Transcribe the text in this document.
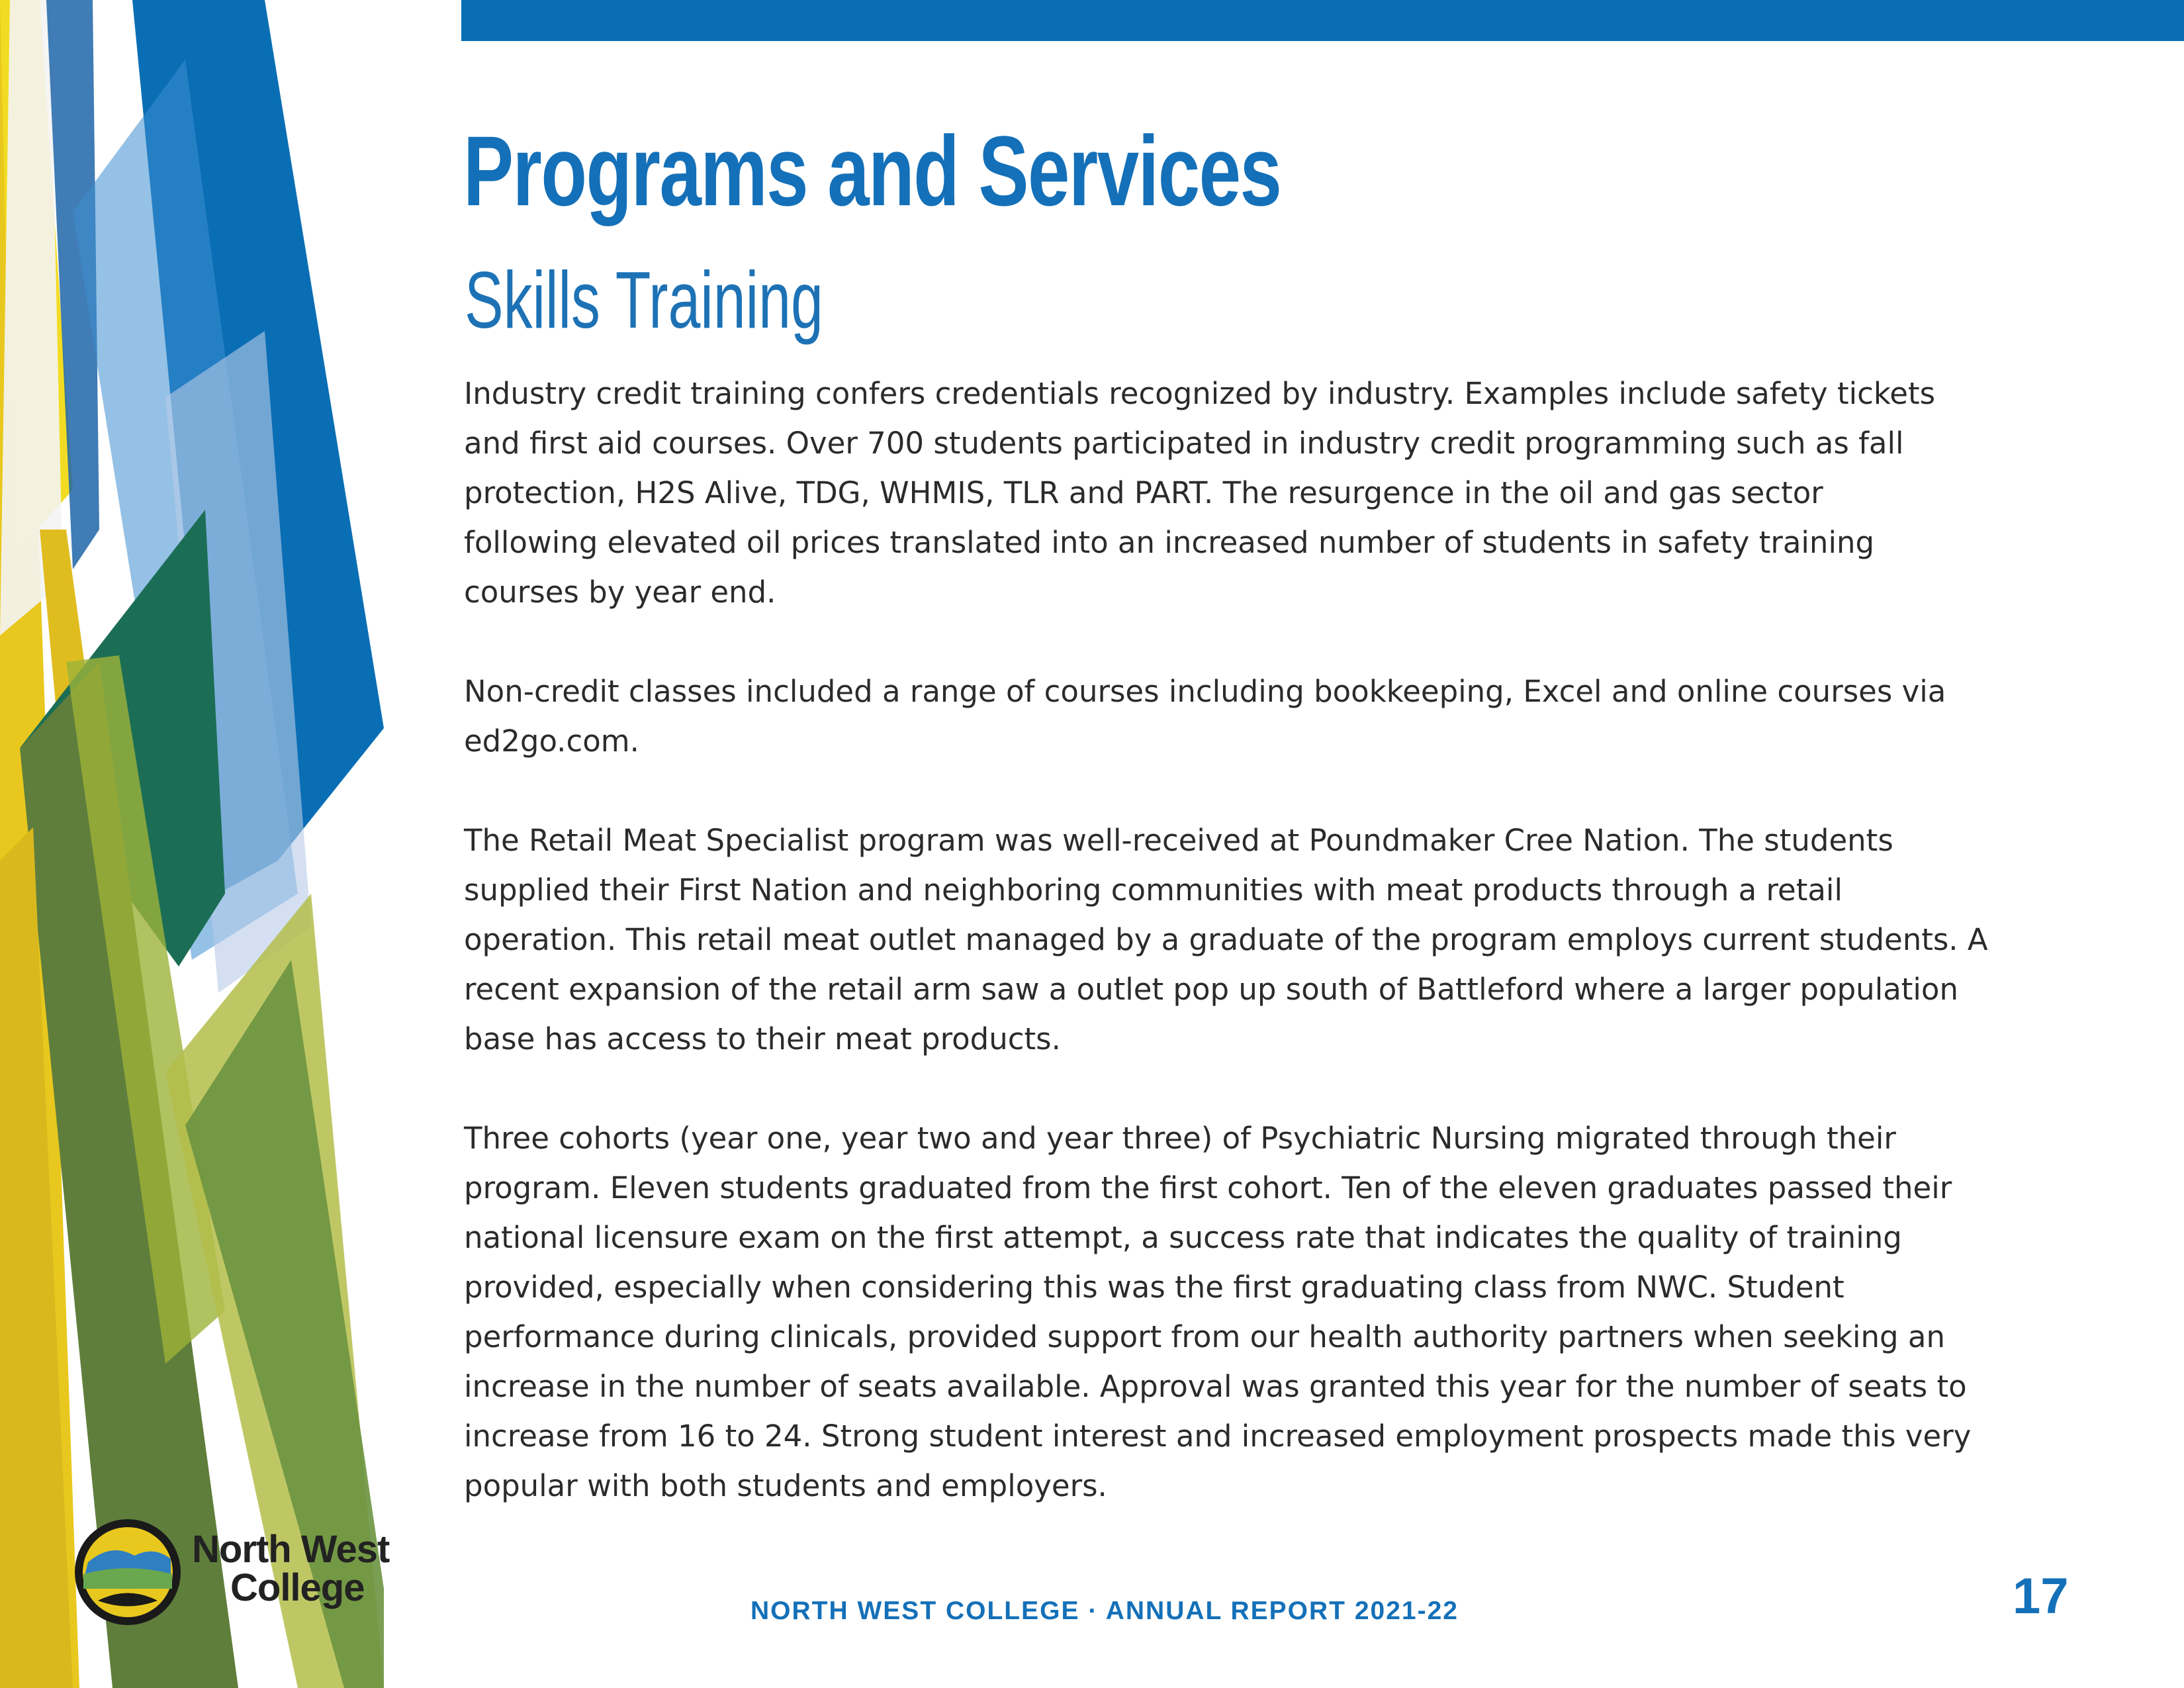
Programs and Services
Skills Training

Industry credit training confers credentials recognized by industry. Examples include safety tickets
and first aid courses. Over 700 students participated in industry credit programming such as fall
protection, H2S Alive, TDG, WHMIS, TLR and PART. The resurgence in the oil and gas sector
following elevated oil prices translated into an increased number of students in safety training
courses by year end.

Non-credit classes included a range of courses including bookkeeping, Excel and online courses via
ed2go.com.

The Retail Meat Specialist program was well-received at Poundmaker Cree Nation. The students
supplied their First Nation and neighboring communities with meat products through a retail
operation. This retail meat outlet managed by a graduate of the program employs current students. A
recent expansion of the retail arm saw a outlet pop up south of Battleford where a larger population
base has access to their meat products.

Three cohorts (year one, year two and year three) of Psychiatric Nursing migrated through their
program. Eleven students graduated from the first cohort. Ten of the eleven graduates passed their
national licensure exam on the first attempt, a success rate that indicates the quality of training
provided, especially when considering this was the first graduating class from NWC. Student
performance during clinicals, provided support from our health authority partners when seeking an
increase in the number of seats available. Approval was granted this year for the number of seats to
increase from 16 to 24. Strong student interest and increased employment prospects made this very
popular with both students and employers.

North West

College

NORTH WEST COLLEGE · ANNUAL REPORT 2021-22	17
